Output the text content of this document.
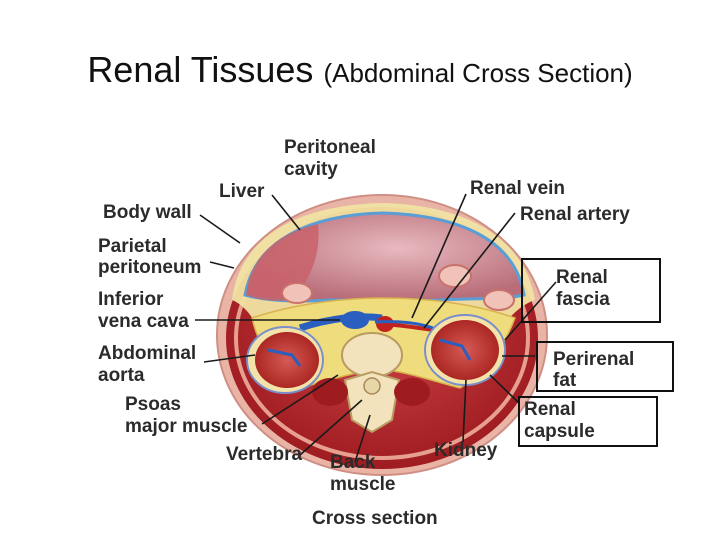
Renal Tissues (Abdominal Cross Section)
Peritoneal
cavity
Liver	Renal vein
Body wall	Renal artery
Parietal
peritoneum	Renal
fascia
Inferior
vena cava
Abdominal
aorta
Perirenal
fat
Psoas
major muscle
Renal
capsule
Kidney
Vertebra Back
muscle
Cross section
